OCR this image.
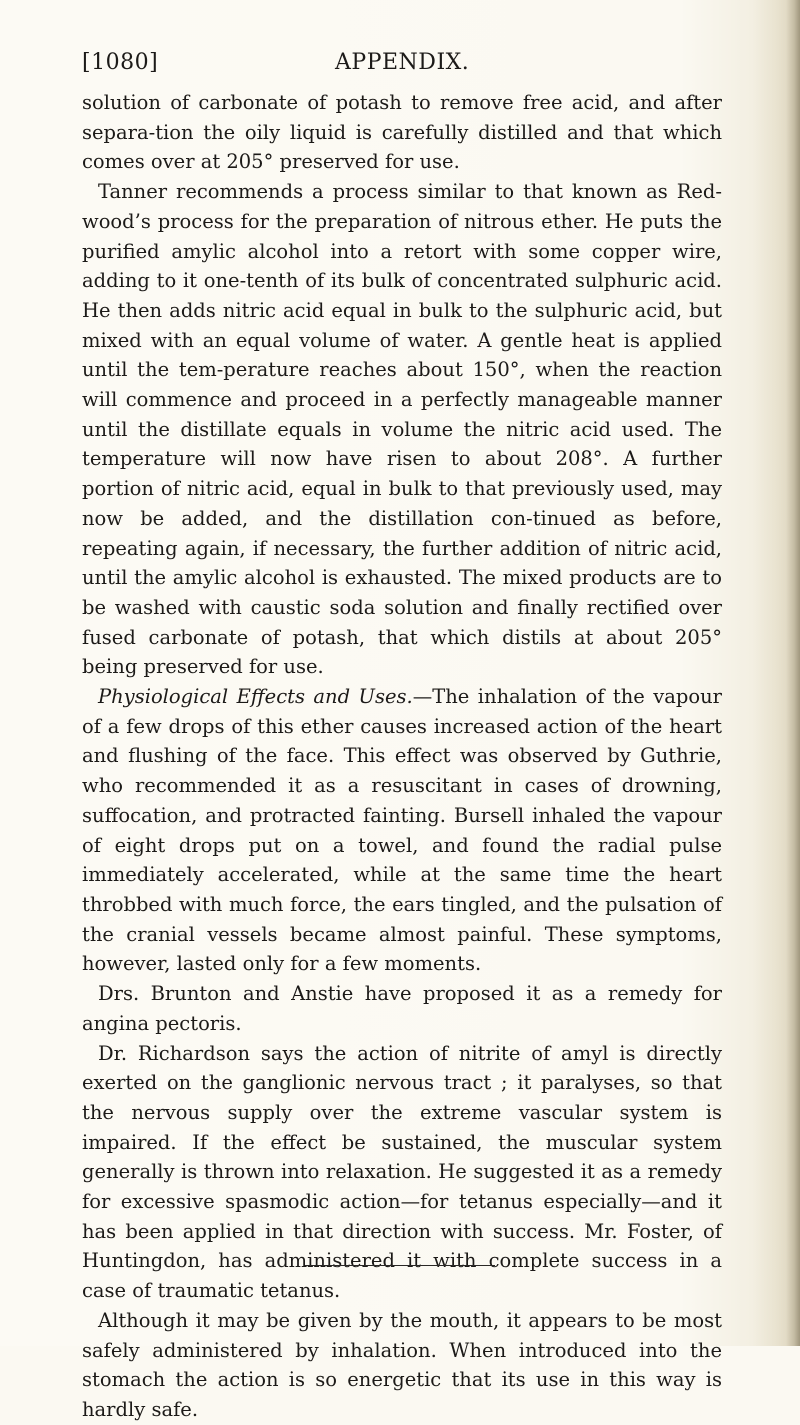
[1080]	APPENDIX.

solution of carbonate of potash to remove free acid, and after separa-tion the oily liquid is carefully distilled and that which comes over at 205° preserved for use.

Tanner recommends a process similar to that known as Red-wood’s process for the preparation of nitrous ether. He puts the purified amylic alcohol into a retort with some copper wire, adding to it one-tenth of its bulk of concentrated sulphuric acid. He then adds nitric acid equal in bulk to the sulphuric acid, but mixed with an equal volume of water. A gentle heat is applied until the tem-perature reaches about 150°, when the reaction will commence and proceed in a perfectly manageable manner until the distillate equals in volume the nitric acid used. The temperature will now have risen to about 208°. A further portion of nitric acid, equal in bulk to that previously used, may now be added, and the distillation con-tinued as before, repeating again, if necessary, the further addition of nitric acid, until the amylic alcohol is exhausted. The mixed products are to be washed with caustic soda solution and finally rectified over fused carbonate of potash, that which distils at about 205° being preserved for use.

Physiological Effects and Uses.—The inhalation of the vapour of a few drops of this ether causes increased action of the heart and flushing of the face. This effect was observed by Guthrie, who recommended it as a resuscitant in cases of drowning, suffocation, and protracted fainting. Bursell inhaled the vapour of eight drops put on a towel, and found the radial pulse immediately accelerated, while at the same time the heart throbbed with much force, the ears tingled, and the pulsation of the cranial vessels became almost painful. These symptoms, however, lasted only for a few moments.

Drs. Brunton and Anstie have proposed it as a remedy for angina pectoris.

Dr. Richardson says the action of nitrite of amyl is directly exerted on the ganglionic nervous tract ; it paralyses, so that the nervous supply over the extreme vascular system is impaired. If the effect be sustained, the muscular system generally is thrown into relaxation. He suggested it as a remedy for excessive spasmodic action—for tetanus especially—and it has been applied in that direction with success. Mr. Foster, of Huntingdon, has administered it with complete success in a case of traumatic tetanus.

Although it may be given by the mouth, it appears to be most safely administered by inhalation. When introduced into the stomach the action is so energetic that its use in this way is hardly safe.
